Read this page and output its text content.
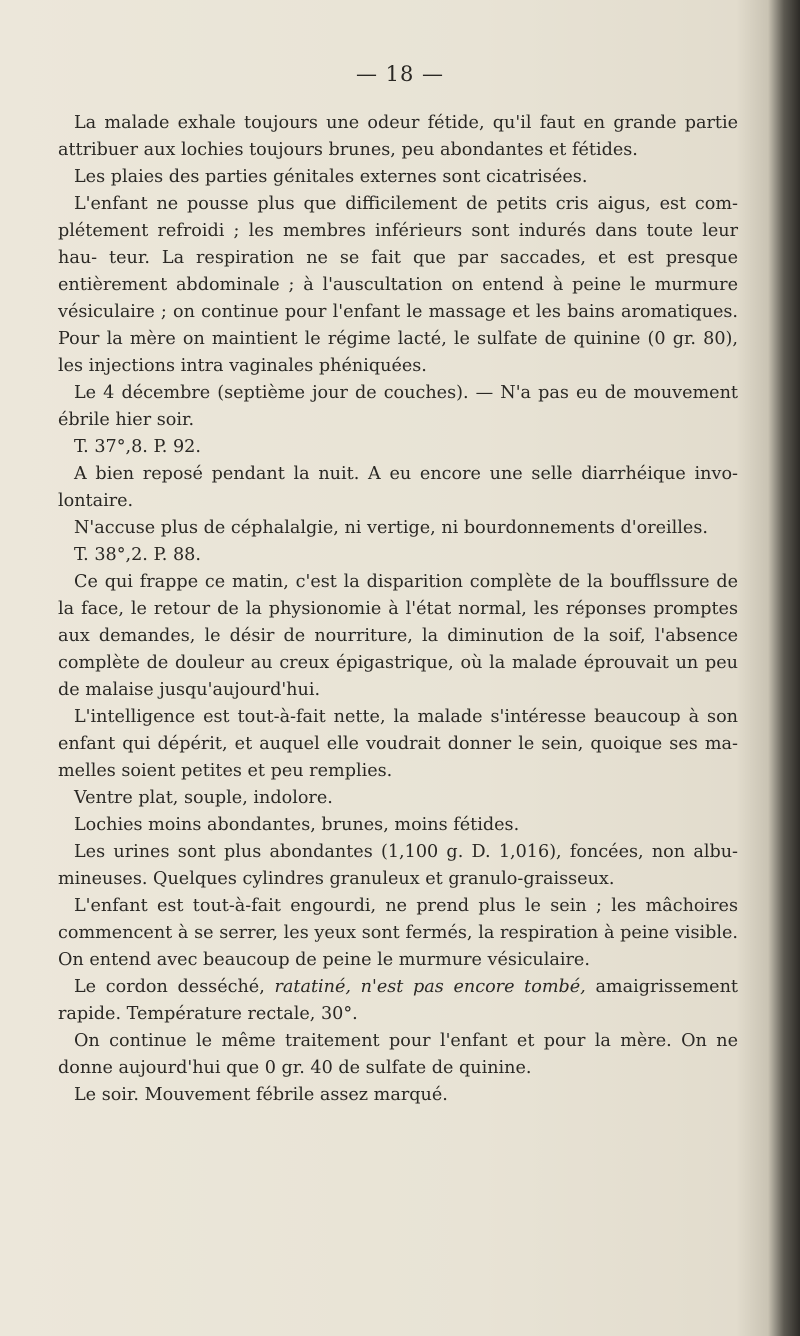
— 18 —

La malade exhale toujours une odeur fétide, qu'il faut en grande partie attribuer aux lochies toujours brunes, peu abondantes et fétides.

Les plaies des parties génitales externes sont cicatrisées.

L'enfant ne pousse plus que difficilement de petits cris aigus, est com- plétement refroidi ; les membres inférieurs sont indurés dans toute leur hau- teur. La respiration ne se fait que par saccades, et est presque entièrement abdominale ; à l'auscultation on entend à peine le murmure vésiculaire ; on continue pour l'enfant le massage et les bains aromatiques. Pour la mère on maintient le régime lacté, le sulfate de quinine (0 gr. 80), les injections intra vaginales phéniquées.

Le 4 décembre (septième jour de couches). — N'a pas eu de mouvement ébrile hier soir.

T. 37°,8. P. 92.

A bien reposé pendant la nuit. A eu encore une selle diarrhéique invo- lontaire.

N'accuse plus de céphalalgie, ni vertige, ni bourdonnements d'oreilles.

T. 38°,2. P. 88.

Ce qui frappe ce matin, c'est la disparition complète de la boufflssure de la face, le retour de la physionomie à l'état normal, les réponses promptes aux demandes, le désir de nourriture, la diminution de la soif, l'absence complète de douleur au creux épigastrique, où la malade éprouvait un peu de malaise jusqu'aujourd'hui.

L'intelligence est tout-à-fait nette, la malade s'intéresse beaucoup à son enfant qui dépérit, et auquel elle voudrait donner le sein, quoique ses ma- melles soient petites et peu remplies.

Ventre plat, souple, indolore.

Lochies moins abondantes, brunes, moins fétides.

Les urines sont plus abondantes (1,100 g. D. 1,016), foncées, non albu- mineuses. Quelques cylindres granuleux et granulo-graisseux.

L'enfant est tout-à-fait engourdi, ne prend plus le sein ; les mâchoires commencent à se serrer, les yeux sont fermés, la respiration à peine visible. On entend avec beaucoup de peine le murmure vésiculaire.

Le cordon desséché, ratatiné, n'est pas encore tombé, amaigrissement rapide. Température rectale, 30°.

On continue le même traitement pour l'enfant et pour la mère. On ne donne aujourd'hui que 0 gr. 40 de sulfate de quinine.

Le soir. Mouvement fébrile assez marqué.
